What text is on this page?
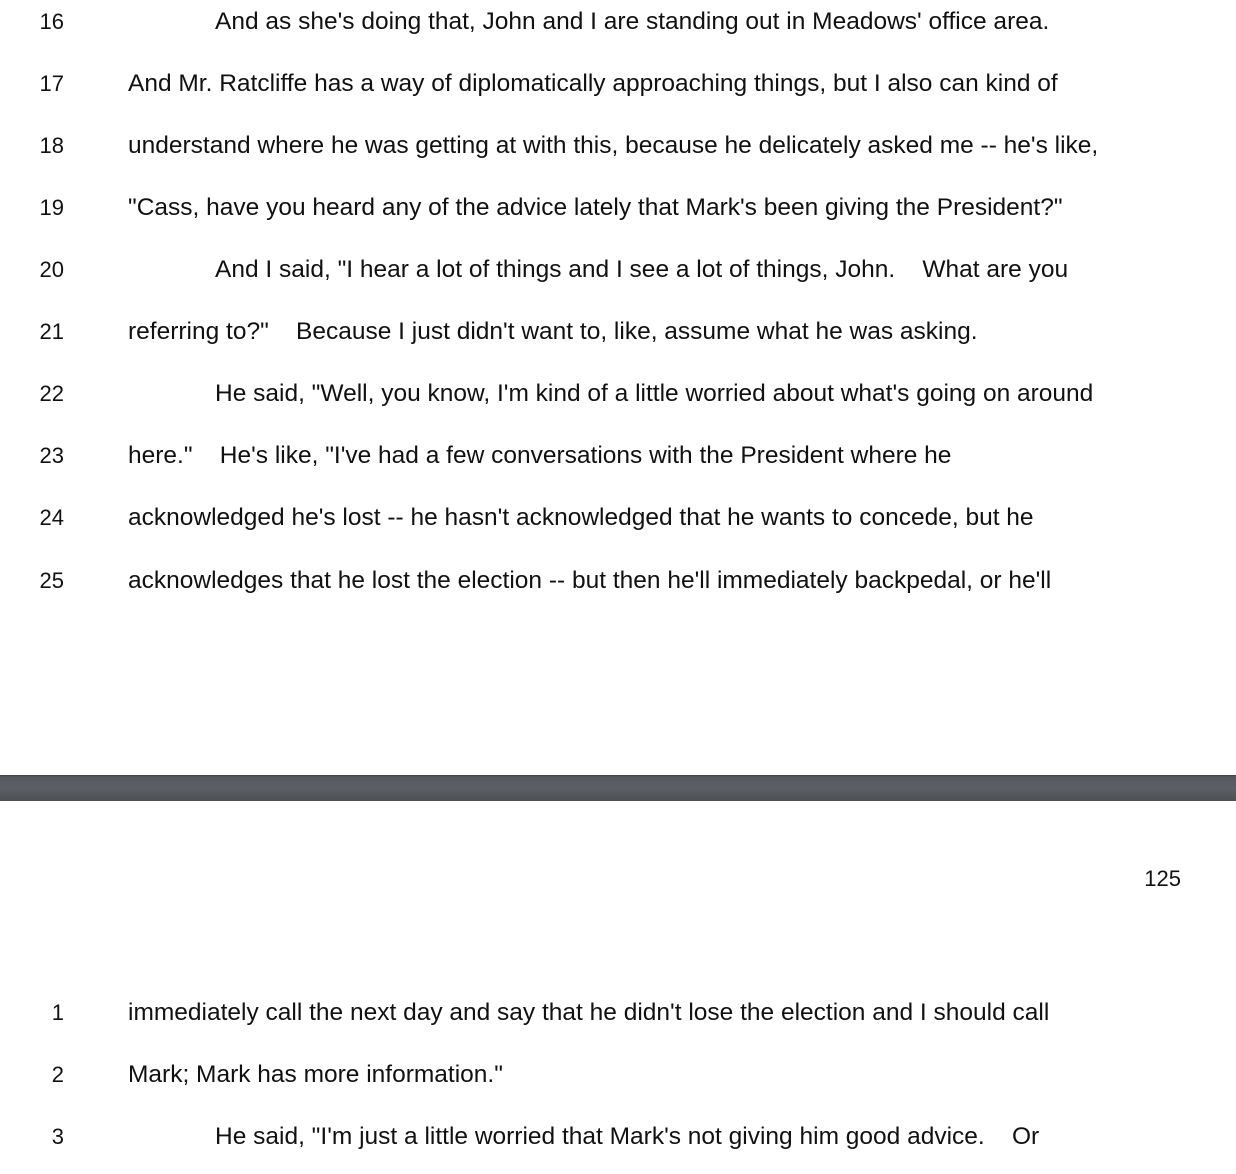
16	And as she's doing that, John and I are standing out in Meadows' office area.
17	And Mr. Ratcliffe has a way of diplomatically approaching things, but I also can kind of
18	understand where he was getting at with this, because he delicately asked me -- he's like,
19	"Cass, have you heard any of the advice lately that Mark's been giving the President?"
20	And I said, "I hear a lot of things and I see a lot of things, John.    What are you
21	referring to?"    Because I just didn't want to, like, assume what he was asking.
22	He said, "Well, you know, I'm kind of a little worried about what's going on around
23	here."    He's like, "I've had a few conversations with the President where he
24	acknowledged he's lost -- he hasn't acknowledged that he wants to concede, but he
25	acknowledges that he lost the election -- but then he'll immediately backpedal, or he'll
125
1	immediately call the next day and say that he didn't lose the election and I should call
2	Mark; Mark has more information."
3	He said, "I'm just a little worried that Mark's not giving him good advice.    Or
